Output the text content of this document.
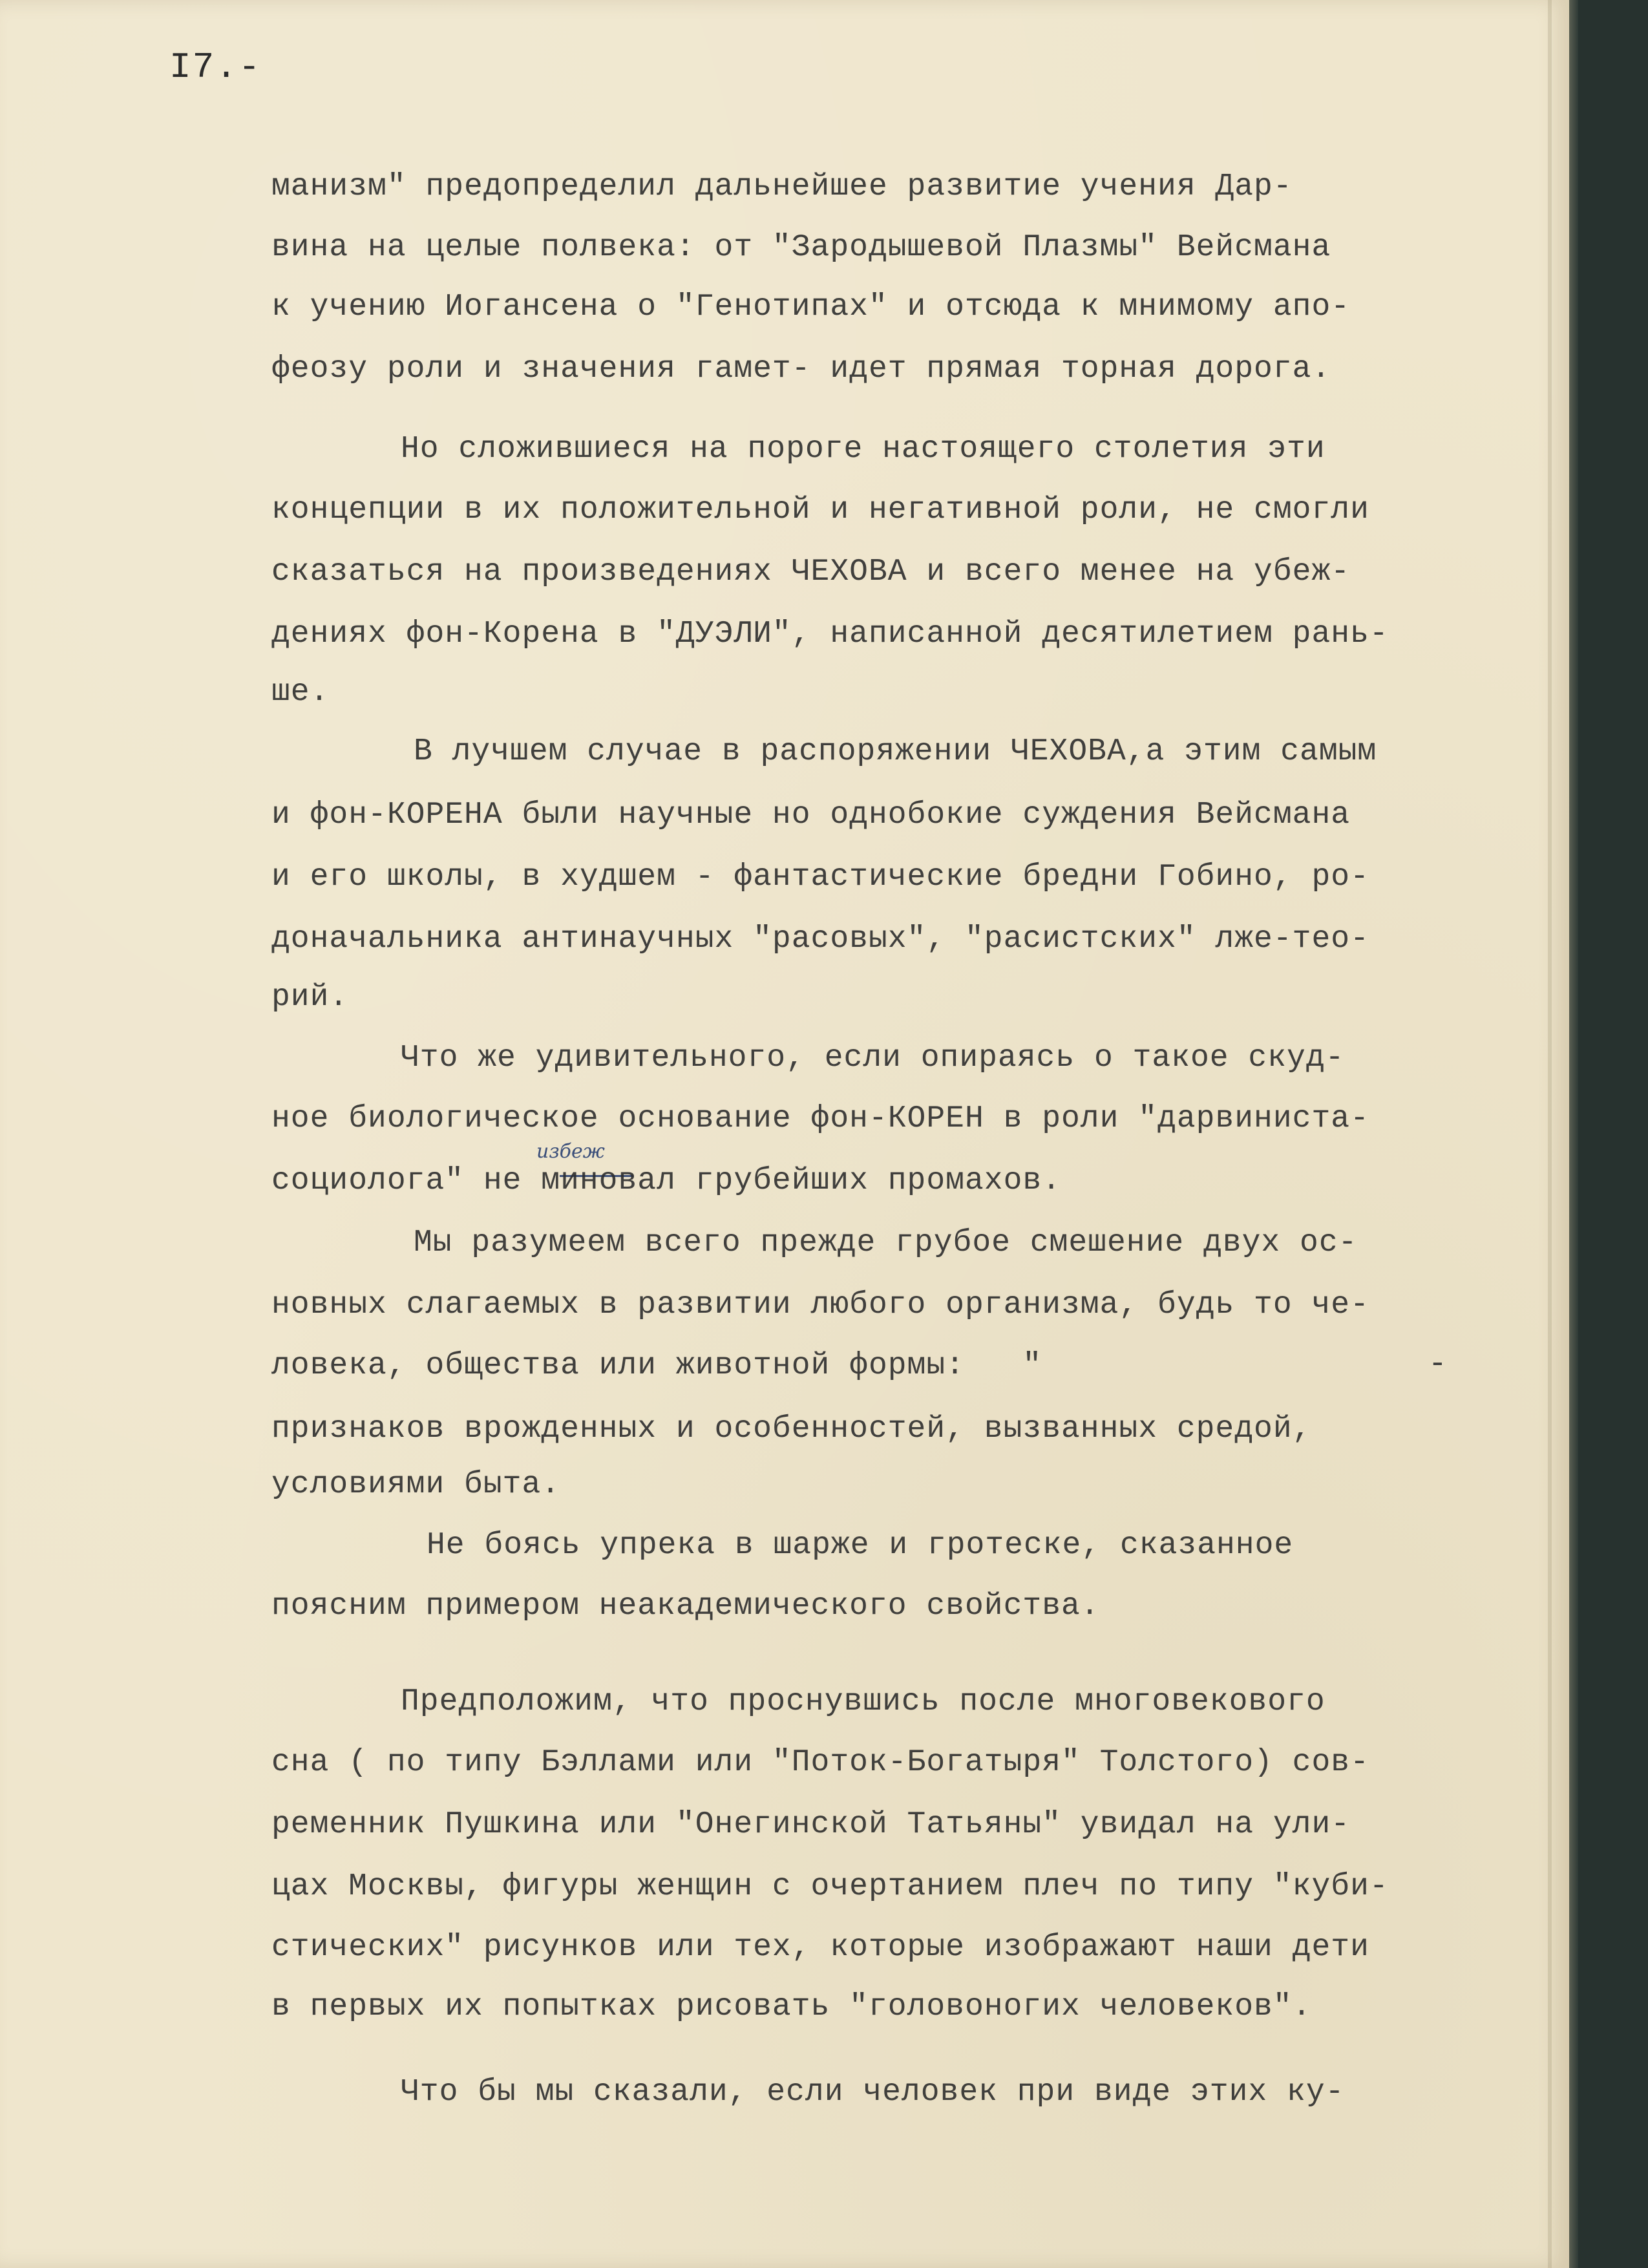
I7.-
манизм" предопределил дальнейшее развитие учения Дар-
вина на целые полвека: от "Зародышевой Плазмы" Вейсмана
к учению Иогансена о "Генотипах" и отсюда к мнимому апо-
феозу роли и значения гамет- идет прямая торная дорога.
Но сложившиеся на пороге настоящего столетия эти
концепции в их положительной и негативной роли, не смогли
сказаться на произведениях ЧЕХОВА и всего менее на убеж-
дениях фон-Корена в "ДУЭЛИ", написанной десятилетием рань-
ше.
В лучшем случае в распоряжении ЧЕХОВА,а этим самым
и фон-КОРЕНА были научные но однобокие суждения Вейсмана
и его школы, в худшем - фантастические бредни Гобино, ро-
доначальника антинаучных "расовых", "расистских" лже-тео-
рий.
Что же удивительного, если опираясь о такое скуд-
ное биологическое основание фон-КОРЕН в роли "дарвиниста-
избеж
социолога" не миновал грубейших промахов.
Мы разумеем всего прежде грубое смешение двух ос-
новных слагаемых в развитии любого организма, будь то че-
ловека, общества или животной формы:   "	-
признаков врожденных и особенностей, вызванных средой,
условиями быта.
Не боясь упрека в шарже и гротеске, сказанное
поясним примером неакадемического свойства.
Предположим, что проснувшись после многовекового
сна ( по типу Бэллами или "Поток-Богатыря" Толстого) сов-
ременник Пушкина или "Онегинской Татьяны" увидал на ули-
цах Москвы, фигуры женщин с очертанием плеч по типу "куби-
стических" рисунков или тех, которые изображают наши дети
в первых их попытках рисовать "головоногих человеков".
Что бы мы сказали, если человек при виде этих ку-
